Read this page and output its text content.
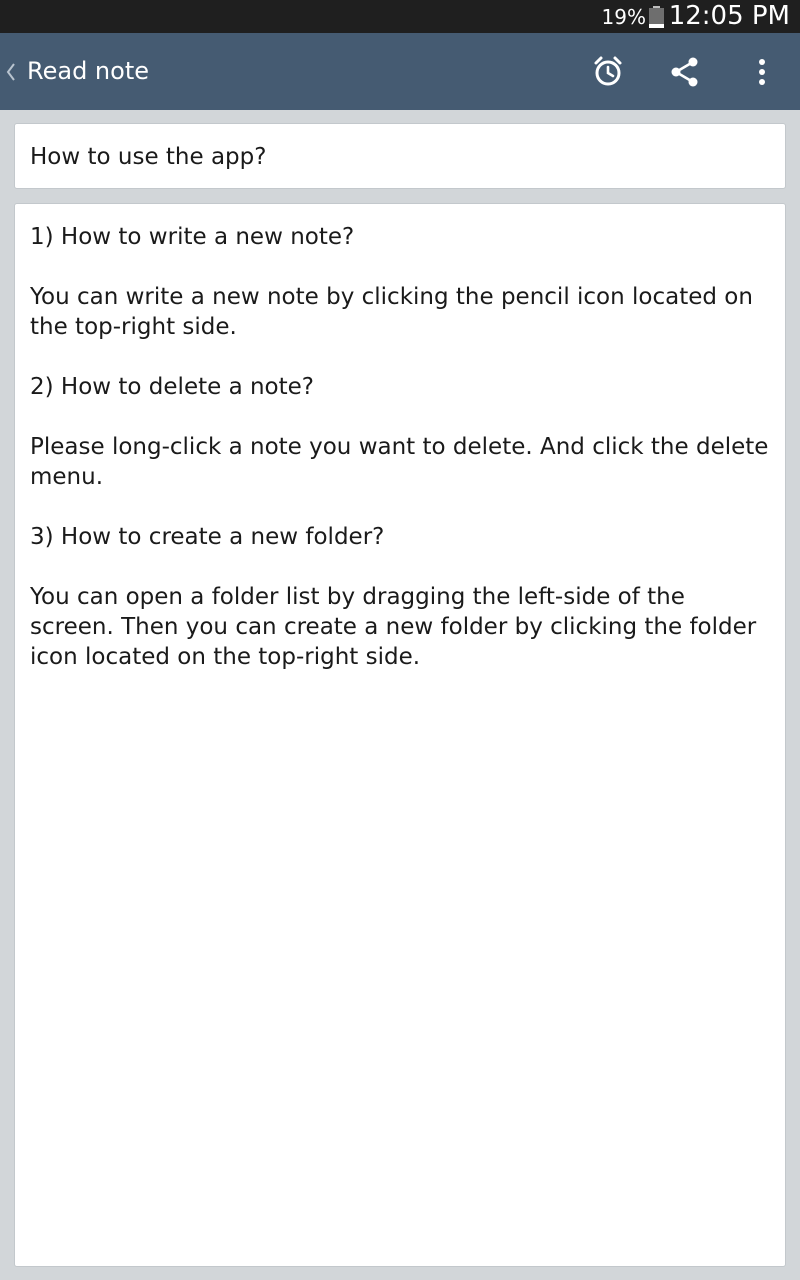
19% 12:05 PM
Read note
How to use the app?

1) How to write a new note?

You can write a new note by clicking the pencil icon located on the top-right side.

2) How to delete a note?

Please long-click a note you want to delete. And click the delete menu.

3) How to create a new folder?

You can open a folder list by dragging the left-side of the screen. Then you can create a new folder by clicking the folder icon located on the top-right side.
